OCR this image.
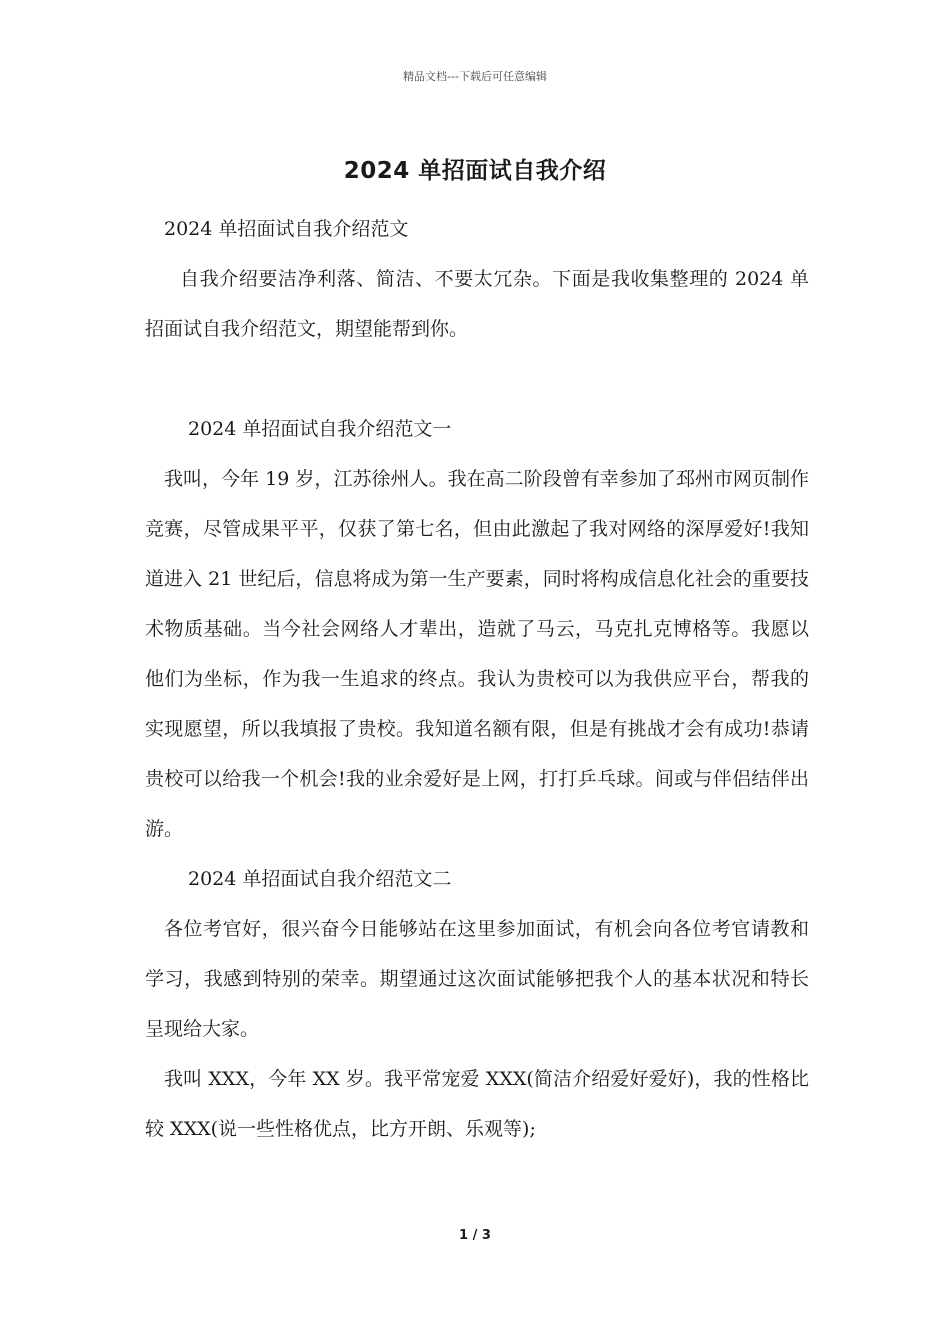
精品文档---下载后可任意编辑
2024 单招面试自我介绍

2024 单招面试自我介绍范文

自我介绍要洁净利落、简洁、不要太冗杂。下面是我收集整理的 2024 单招面试自我介绍范文，期望能帮到你。

2024 单招面试自我介绍范文一

我叫，今年 19 岁，江苏徐州人。我在高二阶段曾有幸参加了邳州市网页制作竞赛，尽管成果平平，仅获了第七名，但由此激起了我对网络的深厚爱好!我知道进入 21 世纪后，信息将成为第一生产要素，同时将构成信息化社会的重要技术物质基础。当今社会网络人才辈出，造就了马云，马克扎克博格等。我愿以他们为坐标，作为我一生追求的终点。我认为贵校可以为我供应平台，帮我的实现愿望，所以我填报了贵校。我知道名额有限，但是有挑战才会有成功!恭请贵校可以给我一个机会!我的业余爱好是上网，打打乒乓球。间或与伴侣结伴出游。

2024 单招面试自我介绍范文二

各位考官好，很兴奋今日能够站在这里参加面试，有机会向各位考官请教和学习，我感到特别的荣幸。期望通过这次面试能够把我个人的基本状况和特长呈现给大家。

我叫 XXX，今年 XX 岁。我平常宠爱 XXX(简洁介绍爱好爱好)，我的性格比较 XXX(说一些性格优点，比方开朗、乐观等);

1 / 3
